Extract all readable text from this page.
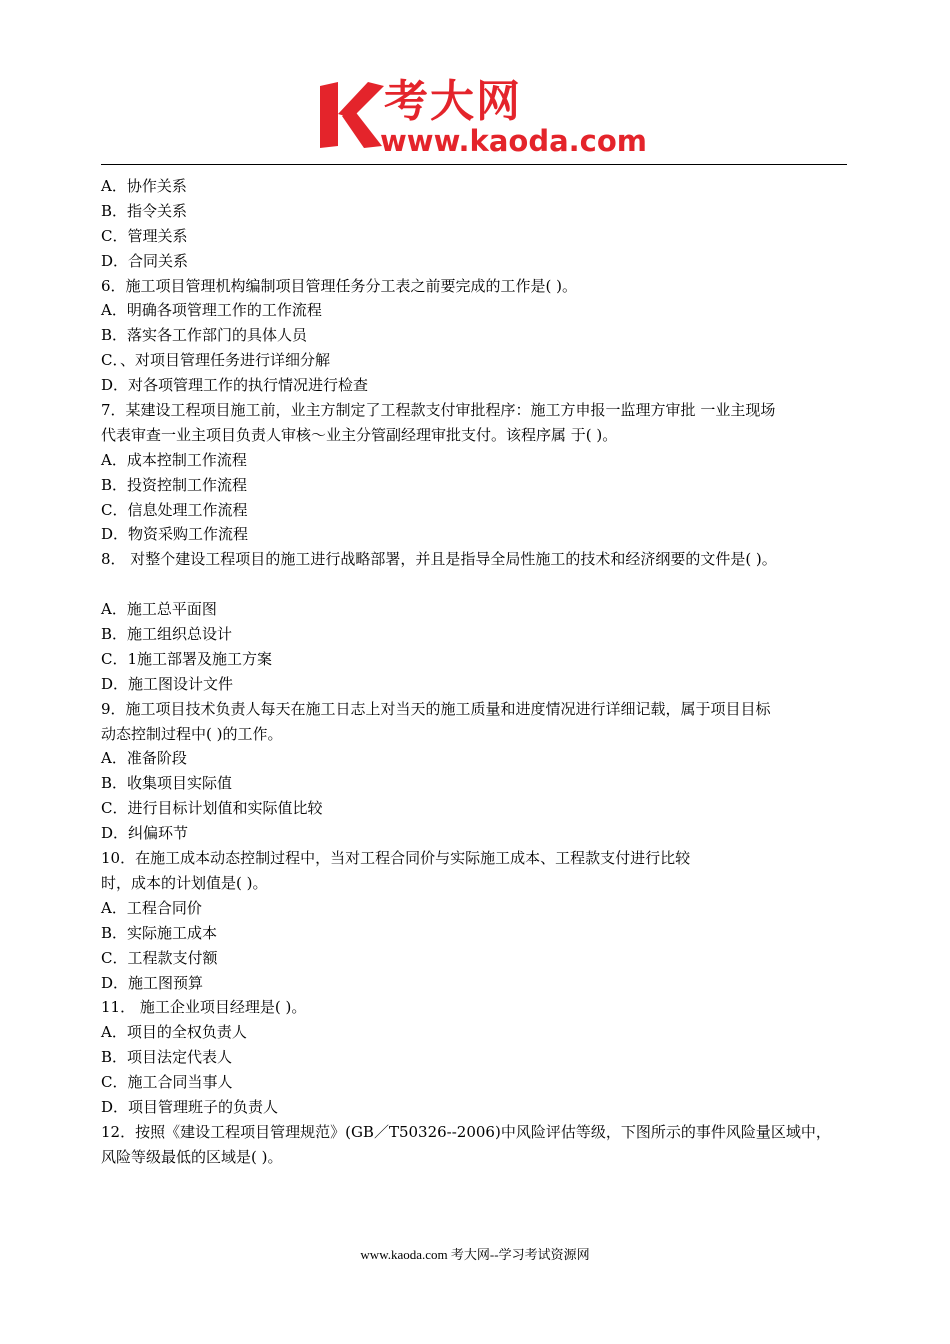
考大网
www.kaoda.com
A．协作关系
B．指令关系
C．管理关系
D．合同关系
6．施工项目管理机构编制项目管理任务分工表之前要完成的工作是( )。
A．明确各项管理工作的工作流程
B．落实各工作部门的具体人员
C．、对项目管理任务进行详细分解
D．对各项管理工作的执行情况进行检查
7．某建设工程项目施工前，业主方制定了工程款支付审批程序：施工方申报一监理方审批 一业主现场
代表审查一业主项目负责人审核～业主分管副经理审批支付。该程序属 于( )。
A．成本控制工作流程
B．投资控制工作流程
C．信息处理工作流程
D．物资采购工作流程
8． 对整个建设工程项目的施工进行战略部署，并且是指导全局性施工的技术和经济纲要的文件是( )。
A．施工总平面图
B．施工组织总设计
C．1施工部署及施工方案
D．施工图设计文件
9．施工项目技术负责人每天在施工日志上对当天的施工质量和进度情况进行详细记载，属于项目目标
动态控制过程中( )的工作。
A．准备阶段
B．收集项目实际值
C．进行目标计划值和实际值比较
D．纠偏环节
10．在施工成本动态控制过程中，当对工程合同价与实际施工成本、工程款支付进行比较
时，成本的计划值是( )。
A．工程合同价
B．实际施工成本
C．工程款支付额
D．施工图预算
11． 施工企业项目经理是( )。
A．项目的全权负责人
B．项目法定代表人
C．施工合同当事人
D．项目管理班子的负责人
12．按照《建设工程项目管理规范》(GB／T50326--2006)中风险评估等级，下图所示的事件风险量区域中，
风险等级最低的区域是( )。
www.kaoda.com 考大网--学习考试资源网
